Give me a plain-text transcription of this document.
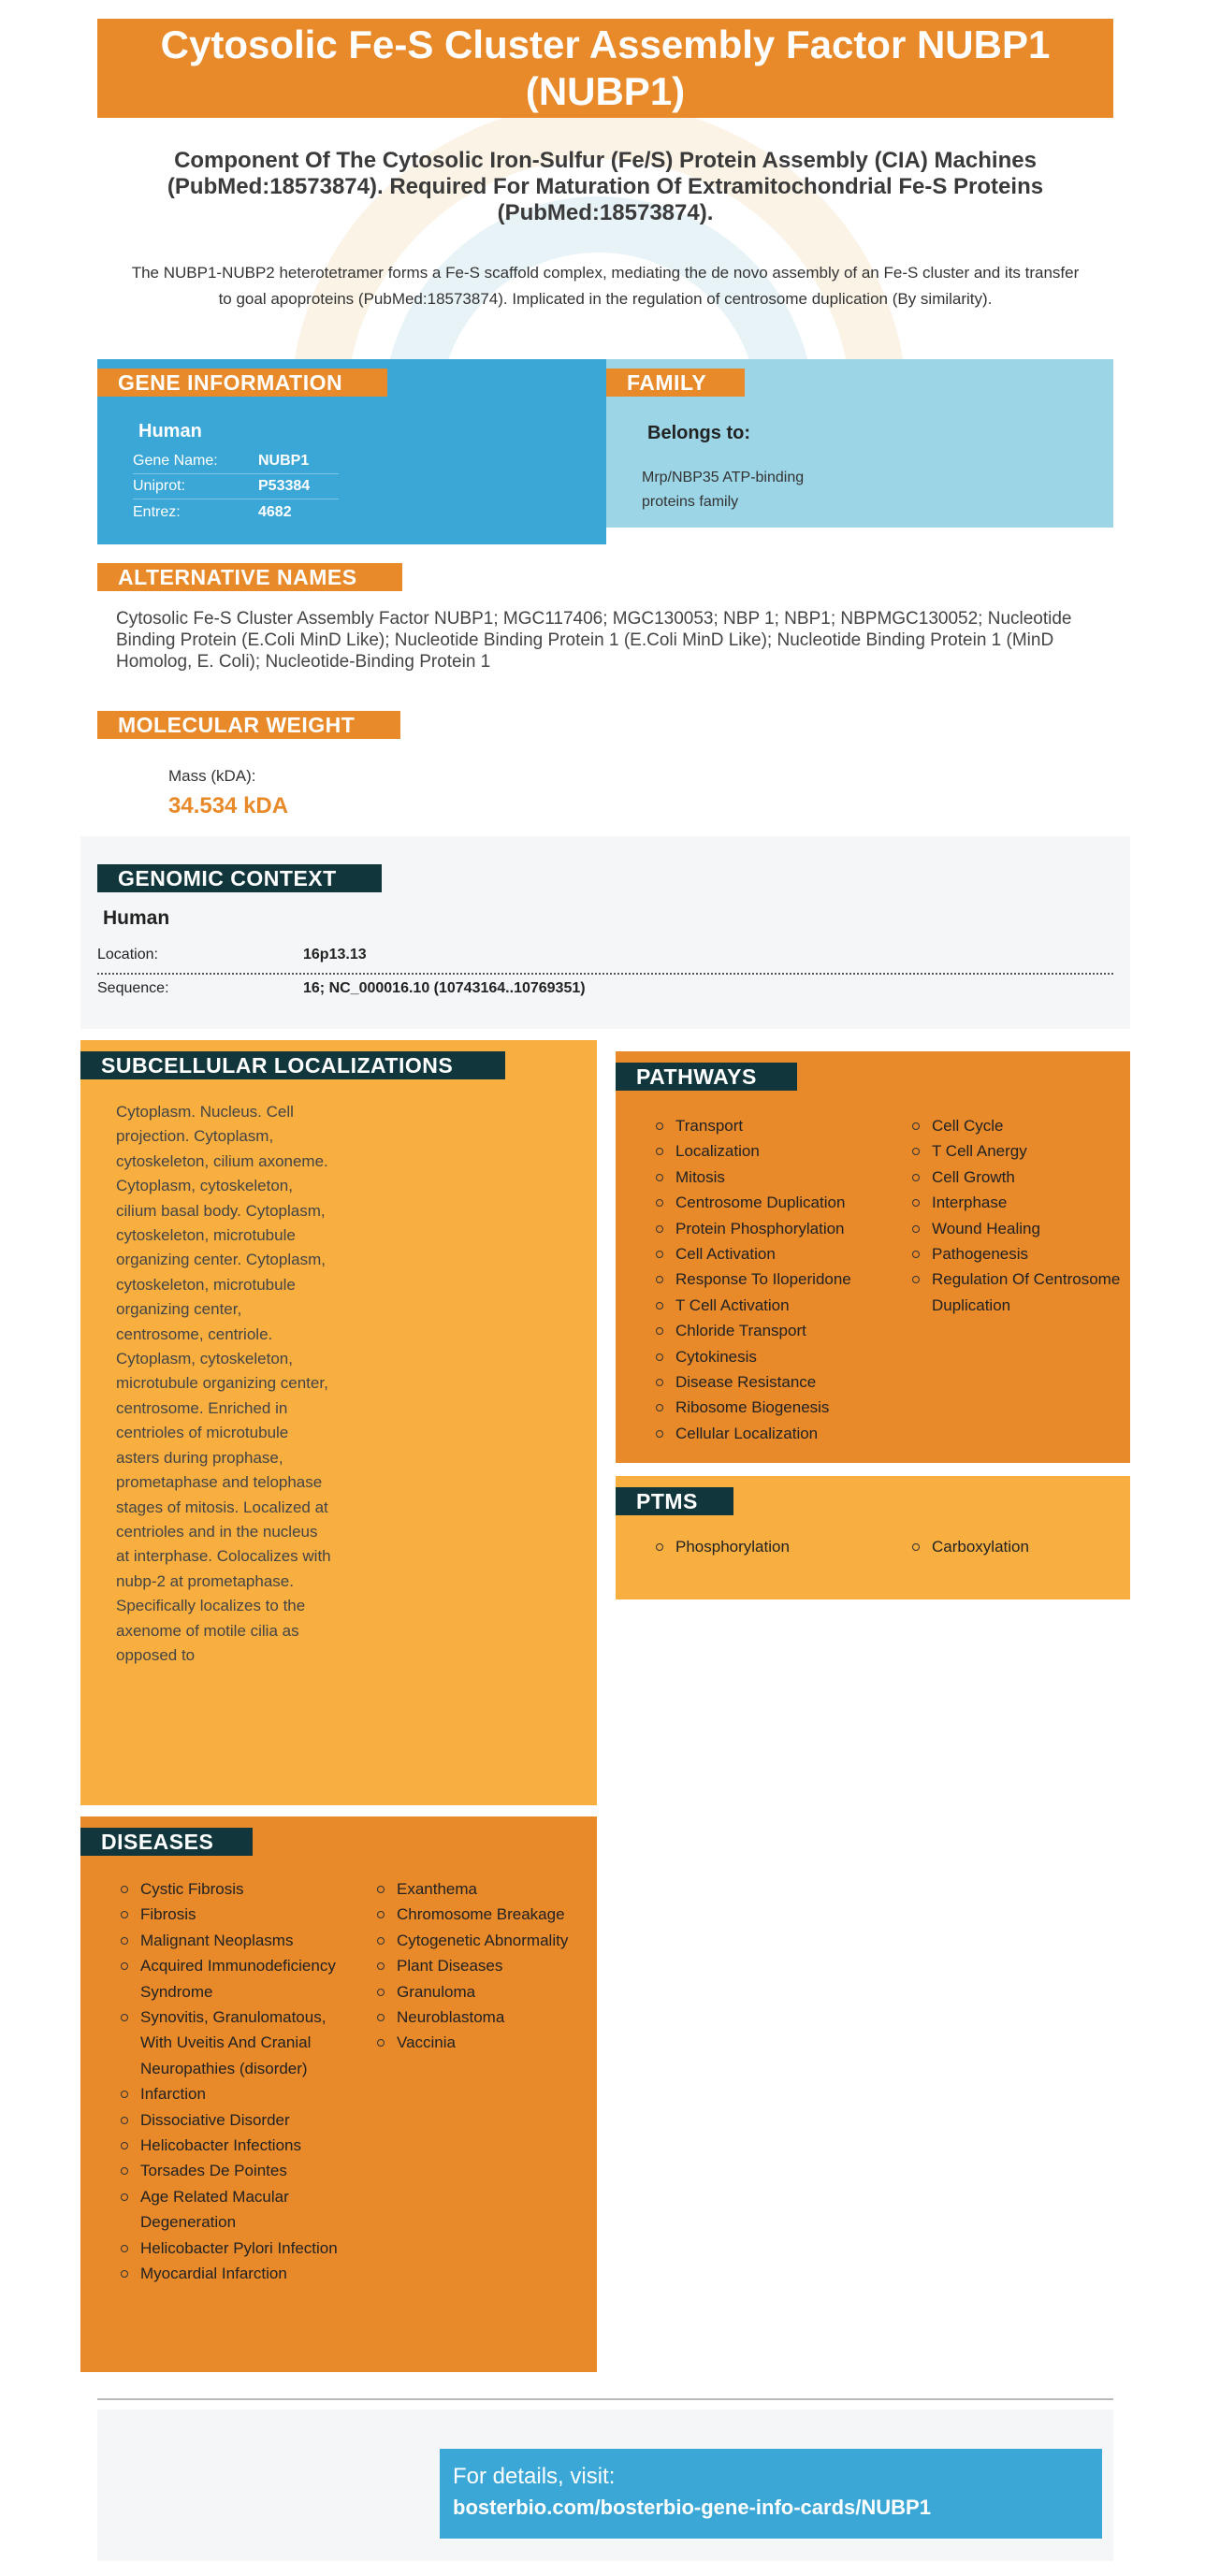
Cytosolic Fe-S Cluster Assembly Factor NUBP1 (NUBP1)
Component Of The Cytosolic Iron-Sulfur (Fe/S) Protein Assembly (CIA) Machines (PubMed:18573874). Required For Maturation Of Extramitochondrial Fe-S Proteins (PubMed:18573874).
The NUBP1-NUBP2 heterotetramer forms a Fe-S scaffold complex, mediating the de novo assembly of an Fe-S cluster and its transfer to goal apoproteins (PubMed:18573874). Implicated in the regulation of centrosome duplication (By similarity).
GENE INFORMATION
Human
Gene Name:	NUBP1
Uniprot:	P53384
Entrez:	4682
FAMILY
Belongs to:
Mrp/NBP35 ATP-binding proteins family
ALTERNATIVE NAMES
Cytosolic Fe-S Cluster Assembly Factor NUBP1; MGC117406; MGC130053; NBP 1; NBP1; NBPMGC130052; Nucleotide Binding Protein (E.Coli MinD Like); Nucleotide Binding Protein 1 (E.Coli MinD Like); Nucleotide Binding Protein 1 (MinD Homolog, E. Coli); Nucleotide-Binding Protein 1
MOLECULAR WEIGHT
Mass (kDA):
34.534 kDA
GENOMIC CONTEXT
Human
Location:	16p13.13
Sequence:	16; NC_000016.10 (10743164..10769351)
SUBCELLULAR LOCALIZATIONS
Cytoplasm. Nucleus. Cell projection. Cytoplasm, cytoskeleton, cilium axoneme. Cytoplasm, cytoskeleton, cilium basal body. Cytoplasm, cytoskeleton, microtubule organizing center. Cytoplasm, cytoskeleton, microtubule organizing center, centrosome, centriole. Cytoplasm, cytoskeleton, microtubule organizing center, centrosome. Enriched in centrioles of microtubule asters during prophase, prometaphase and telophase stages of mitosis. Localized at centrioles and in the nucleus at interphase. Colocalizes with nubp-2 at prometaphase. Specifically localizes to the axenome of motile cilia as opposed to
PATHWAYS
Transport
Localization
Mitosis
Centrosome Duplication
Protein Phosphorylation
Cell Activation
Response To Iloperidone
T Cell Activation
Chloride Transport
Cytokinesis
Disease Resistance
Ribosome Biogenesis
Cellular Localization
Cell Cycle
T Cell Anergy
Cell Growth
Interphase
Wound Healing
Pathogenesis
Regulation Of Centrosome Duplication
PTMS
Phosphorylation	Carboxylation
DISEASES
Cystic Fibrosis
Fibrosis
Malignant Neoplasms
Acquired Immunodeficiency Syndrome
Synovitis, Granulomatous, With Uveitis And Cranial Neuropathies (disorder)
Infarction
Dissociative Disorder
Helicobacter Infections
Torsades De Pointes
Age Related Macular Degeneration
Helicobacter Pylori Infection
Myocardial Infarction
Exanthema
Chromosome Breakage
Cytogenetic Abnormality
Plant Diseases
Granuloma
Neuroblastoma
Vaccinia
For details, visit:
bosterbio.com/bosterbio-gene-info-cards/NUBP1
